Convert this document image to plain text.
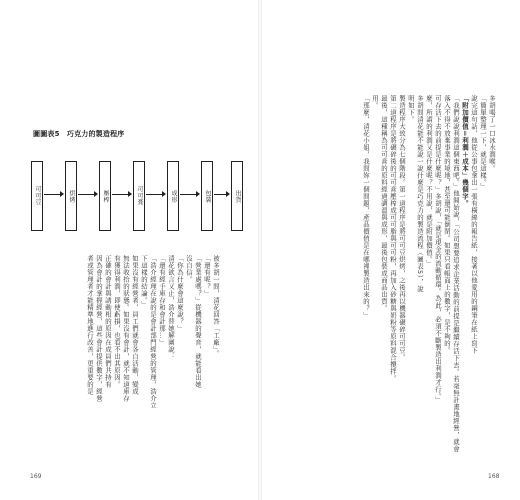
圖圖表5　巧克力的製造程序
可可豆	烘烤	壓榨	可可膏	成形	包裝	出貨
被多胡一問，清花回答「工廠」。
「還有呢？」
「營業處嗎？」從機器的聲音，就能看出她
沒自信。
「你為什麼會這麼說？」
清花欲言又止，浩介替她解圍說：
「還有經手庫存和會計那…」
「浩介經理在說的是會計部門經營的管理，浩介立
下這樣的結論。」
如果沒有經營者，員工們就會各自活動，變成
無法收拾的狀態。如果沒有會計，就不知道庫存
有獲得利潤，即使虧損，也看不出其原因。
正確的會計與誘動相的原因在成員們共持有
因為會計的掌握經營，這些會計提供數字，經營
者或管理者才能精準地進行改善，更重要的是
169
多胡喝了一口冰水潤喉。
「簡單整理一下，就是這樣。」
說完這句話，他從公事包拿出一張有橫線的報告紙，接著以他愛用的鋼筆在紙上寫下
「附加價值＝利潤＋成本」幾個字。
「我們說說利潤這個東西吧。」他開始說，「公司想要追求企業活動的前提是繼續存活下去。若毫無計畫地經營，就會
落入不得不放棄事業的境地，甚至還可能倒閉。如果只看帳面上的數字，是不夠的。
可存活下去的前提是什麼呢？」多胡說，「就是現金的流動循環。為此，必須不斷製造出利潤才行。」
麼，所謂的利潤又是什麼呢？不用說，就是附加價值。」
多胡問清花能不能說一說什麼是巧克力的製造流程（圖表5），說
明如下。
製造程序大致分為七個階段。第一道程序是將可可豆烘烤，之後再以機器碾碎可可豆。
第二道程序是將碾碎後的可可膏壓榨成可可脂與可可粉，再加入砂糖與奶粉等原料混合攪拌。
最後，這種稱為可可膏的原料經過調溫與成形，最後包裝成商品出貨。
用。
「那麼，清花小姐，我問妳一個問題，產品價值是在哪裡製造出來的？」
168
